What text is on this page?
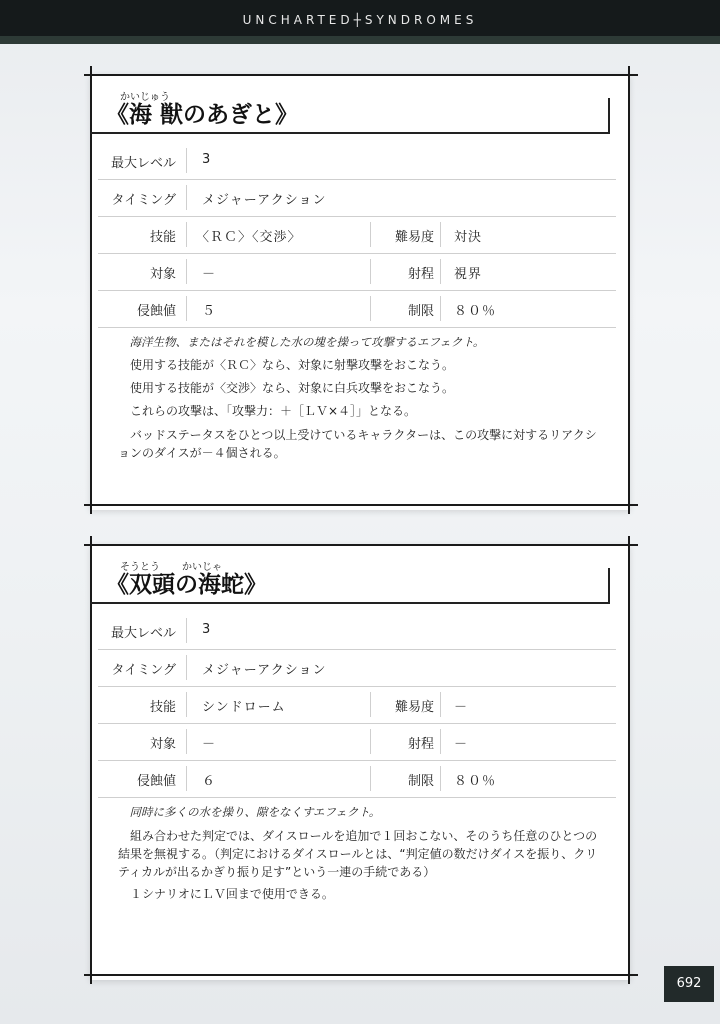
UNCHARTED┼SYNDROMES
かいじゅう
《海 獣のあぎと》
最大レベル 3
タイミング メジャーアクション
技能 〈ＲＣ〉〈交渉〉	難易度 対決
対象 －	射程 視界
侵蝕値 ５	制限 ８０％

海洋生物、またはそれを模した水の塊を操って攻撃するエフェクト。

使用する技能が〈ＲＣ〉なら、対象に射撃攻撃をおこなう。

使用する技能が〈交渉〉なら、対象に白兵攻撃をおこなう。

これらの攻撃は、「攻撃力：＋［ＬＶ×４］」となる。

バッドステータスをひとつ以上受けているキャラクターは、この攻撃に対するリアクションのダイスが－４個される。

そうとう かいじゃ
《双頭の海蛇》
最大レベル 3
タイミング メジャーアクション
技能 シンドローム	難易度 －
対象 －	射程 －
侵蝕値 ６	制限 ８０％

同時に多くの水を操り、隙をなくすエフェクト。

組み合わせた判定では、ダイスロールを追加で１回おこない、そのうち任意のひとつの結果を無視する。（判定におけるダイスロールとは、“判定値の数だけダイスを振り、クリティカルが出るかぎり振り足す”という一連の手続である）

１シナリオにＬＶ回まで使用できる。

692
